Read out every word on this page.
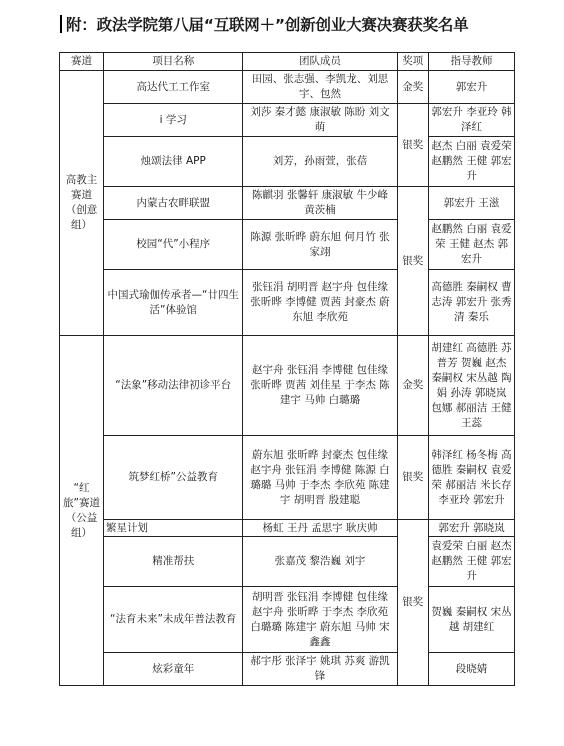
附：政法学院第八届“互联网＋”创新创业大赛决赛获奖名单
赛道	项目名称	团队成员	奖项	指导教师
高教主赛道（创意组）	高达代工工作室	田园、张志强、李凯龙、刘思宇、包然	金奖	郭宏升
	i 学习	刘莎 秦才懿 康淑敏 陈盼 刘文萌	银奖	郭宏升 李亚玲 韩泽红
	烛颂法律 APP	刘芳，孙雨萱，张蓓		赵杰 白丽 袁爱荣 赵鹏然 王健 郭宏升
	内蒙古农畔联盟	陈麒羽 张馨轩 康淑敏 牛少峰 黄茨楠	银奖	郭宏升 王滋
	校园“代”小程序	陈源 张昕晔 蔚东旭 何月竹 张家翊		赵鹏然 白丽 袁爱荣 王健 赵杰 郭宏升
	中国式瑜伽传承者—“廿四生活”体验馆	张钰涓 胡明晋 赵宇舟 包佳缘 张昕晔 李博健 贾茜 封豪杰 蔚东旭 李欣苑		高德胜 秦嗣权 曹志涛 郭宏升 张秀清 秦乐
“红旅”赛道（公益组）	“法象”移动法律初诊平台	赵宇舟 张钰涓 李博健 包佳缘 张昕晔 贾茜 刘佳星 于李杰 陈建宇 马帅 白璐璐	金奖	胡建红 高德胜 苏普芳 贺巍 赵杰 秦嗣权 宋丛越 陶娟 孙涛 郭晓岚 包娜 郝丽洁 王健 王蕊
	筑梦红桥”公益教育	蔚东旭 张昕晔 封豪杰 包佳缘 赵宇舟 张钰涓 李博健 陈源 白璐璐 马帅 于李杰 李欣苑 陈建宇 胡明晋 殷建聪	银奖	韩泽红 杨冬梅 高德胜 秦嗣权 袁爱荣 郝丽洁 米长存 李亚玲 郭宏升
	繁星计划	杨虹 王丹 孟思宇 耿庆帅	银奖	郭宏升 郭晓岚
	精准帮扶	张嘉茂 黎浩巍 刘宇		袁爱荣 白丽 赵杰 赵鹏然 王健 郭宏升
	“法育未来”未成年普法教育	胡明晋 张钰涓 李博健 包佳缘 赵宇舟 张昕晔 于李杰 李欣苑 白璐璐 陈建宇 蔚东旭 马帅 宋鑫鑫		贺巍 秦嗣权 宋丛越 胡建红
	炫彩童年	郝宇彤 张泽宇 姚琪 苏爽 游凯锋		段晓婧
